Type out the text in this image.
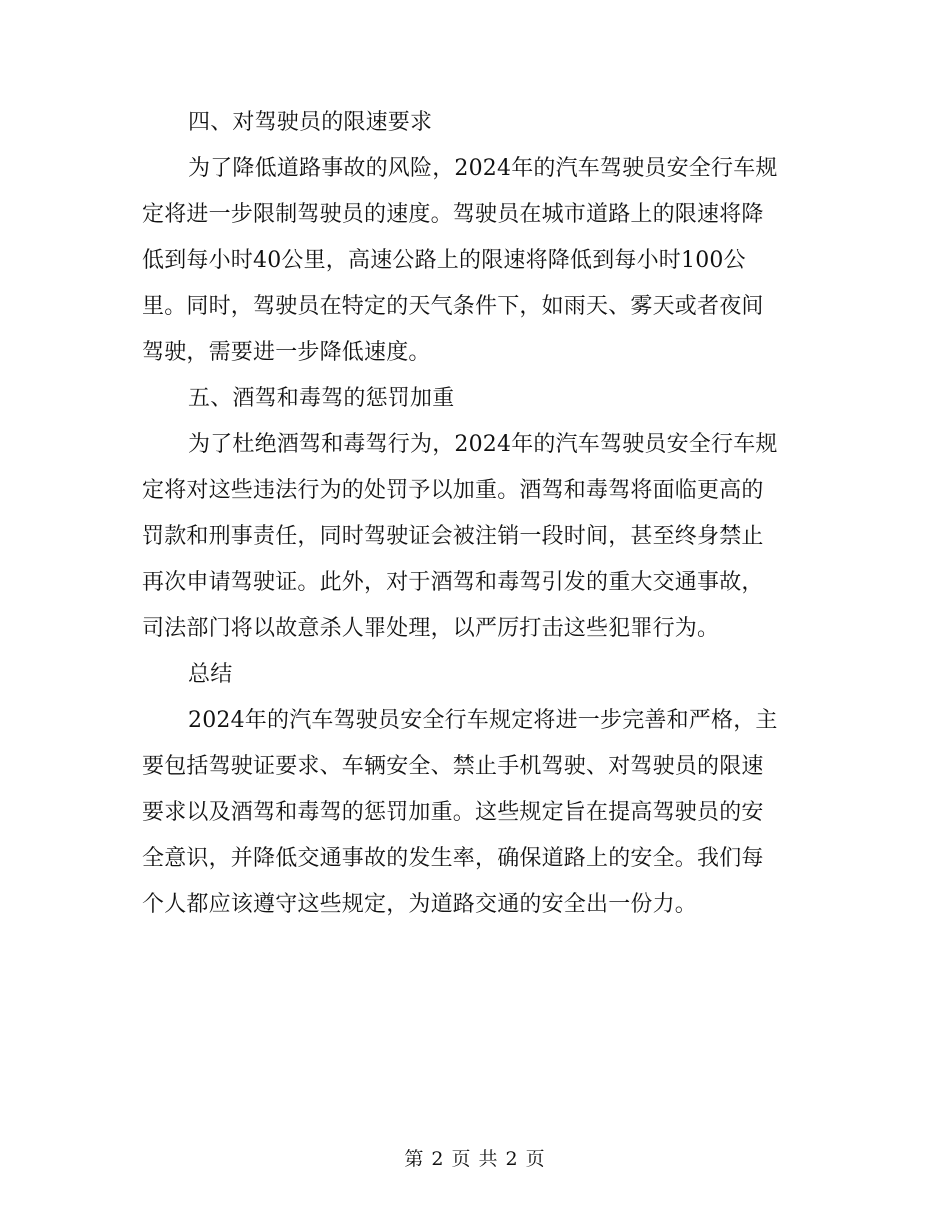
四、对驾驶员的限速要求
为了降低道路事故的风险，2024年的汽车驾驶员安全行车规
定将进一步限制驾驶员的速度。驾驶员在城市道路上的限速将降
低到每小时40公里，高速公路上的限速将降低到每小时100公
里。同时，驾驶员在特定的天气条件下，如雨天、雾天或者夜间
驾驶，需要进一步降低速度。
五、酒驾和毒驾的惩罚加重
为了杜绝酒驾和毒驾行为，2024年的汽车驾驶员安全行车规
定将对这些违法行为的处罚予以加重。酒驾和毒驾将面临更高的
罚款和刑事责任，同时驾驶证会被注销一段时间，甚至终身禁止
再次申请驾驶证。此外，对于酒驾和毒驾引发的重大交通事故，
司法部门将以故意杀人罪处理，以严厉打击这些犯罪行为。
总结
2024年的汽车驾驶员安全行车规定将进一步完善和严格，主
要包括驾驶证要求、车辆安全、禁止手机驾驶、对驾驶员的限速
要求以及酒驾和毒驾的惩罚加重。这些规定旨在提高驾驶员的安
全意识，并降低交通事故的发生率，确保道路上的安全。我们每
个人都应该遵守这些规定，为道路交通的安全出一份力。
第 2 页 共 2 页
